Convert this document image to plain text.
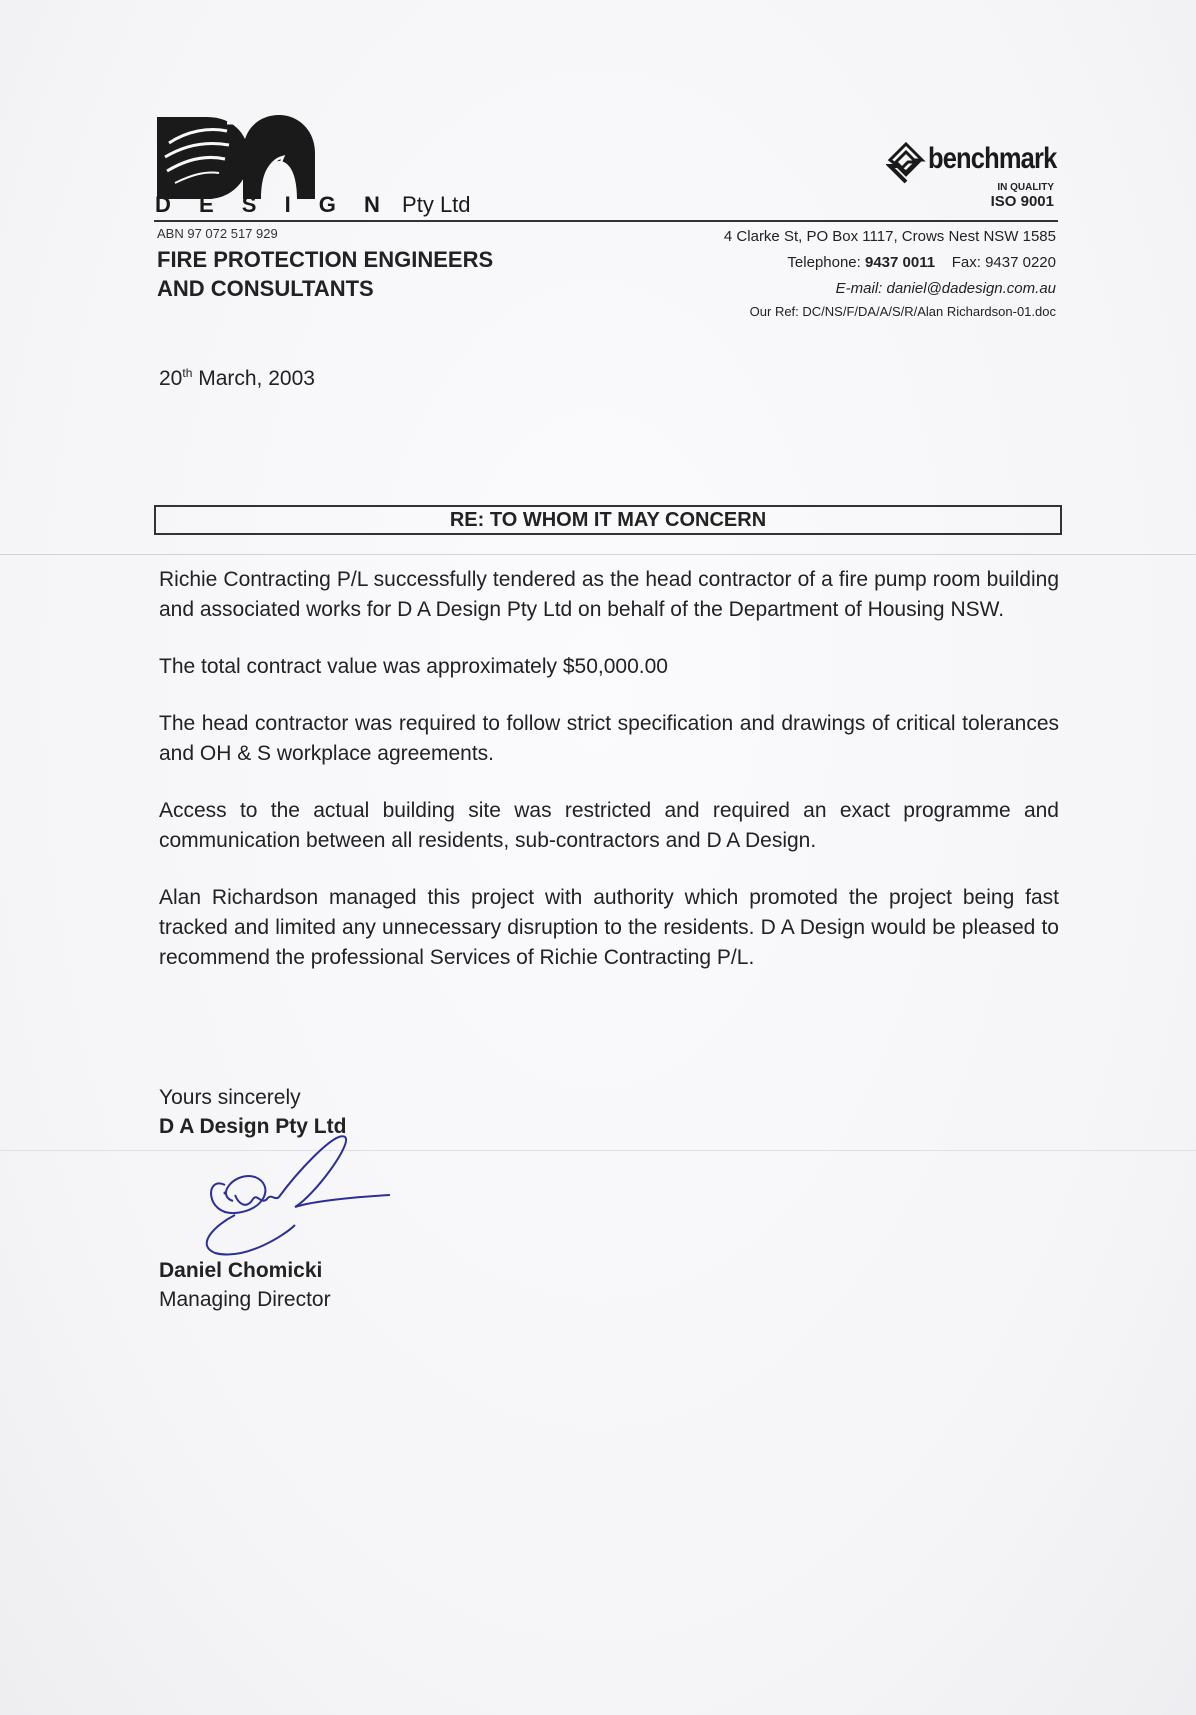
D E S I G N Pty Ltd
benchmark
IN QUALITY
ISO 9001
ABN 97 072 517 929
FIRE PROTECTION ENGINEERS
AND CONSULTANTS
4 Clarke St, PO Box 1117, Crows Nest NSW 1585
Telephone: 9437 0011 Fax: 9437 0220
E-mail: daniel@dadesign.com.au
Our Ref: DC/NS/F/DA/A/S/R/Alan Richardson-01.doc
20th March, 2003
RE: TO WHOM IT MAY CONCERN

Richie Contracting P/L successfully tendered as the head contractor of a fire pump room building and associated works for D A Design Pty Ltd on behalf of the Department of Housing NSW.

The total contract value was approximately $50,000.00

The head contractor was required to follow strict specification and drawings of critical tolerances and OH & S workplace agreements.

Access to the actual building site was restricted and required an exact programme and communication between all residents, sub-contractors and D A Design.

Alan Richardson managed this project with authority which promoted the project being fast tracked and limited any unnecessary disruption to the residents. D A Design would be pleased to recommend the professional Services of Richie Contracting P/L.

Yours sincerely
D A Design Pty Ltd
Daniel Chomicki
Managing Director
